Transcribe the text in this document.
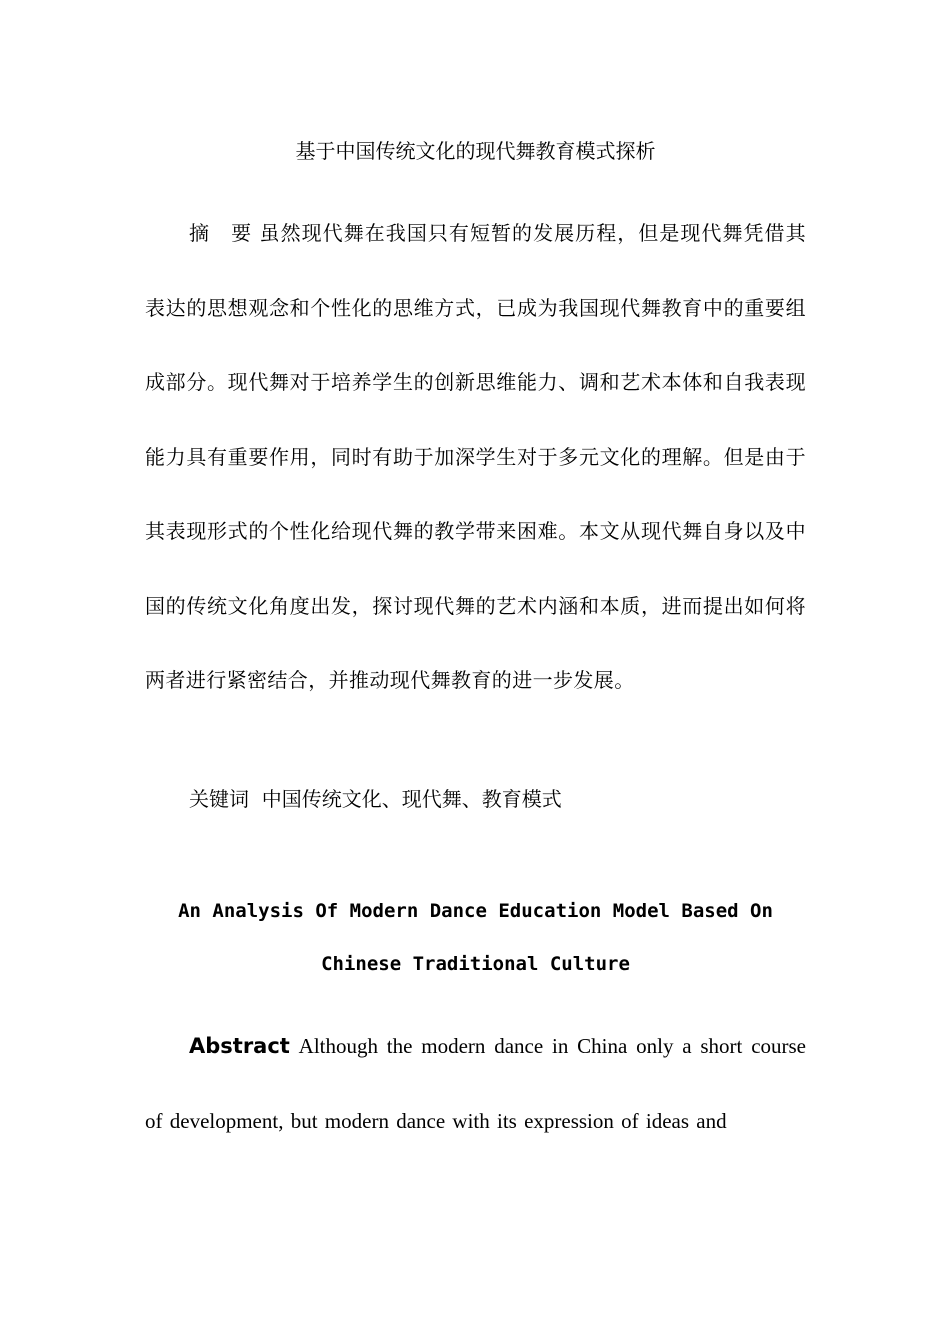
基于中国传统文化的现代舞教育模式探析

摘　要 虽然现代舞在我国只有短暂的发展历程，但是现代舞凭借其表达的思想观念和个性化的思维方式，已成为我国现代舞教育中的重要组成部分。现代舞对于培养学生的创新思维能力、调和艺术本体和自我表现能力具有重要作用，同时有助于加深学生对于多元文化的理解。但是由于其表现形式的个性化给现代舞的教学带来困难。本文从现代舞自身以及中国的传统文化角度出发，探讨现代舞的艺术内涵和本质，进而提出如何将两者进行紧密结合，并推动现代舞教育的进一步发展。

关键词 中国传统文化、现代舞、教育模式
An Analysis Of Modern Dance Education Model Based On
Chinese Traditional Culture

Abstract Although the modern dance in China only a short course of development, but modern dance with its expression of ideas and
